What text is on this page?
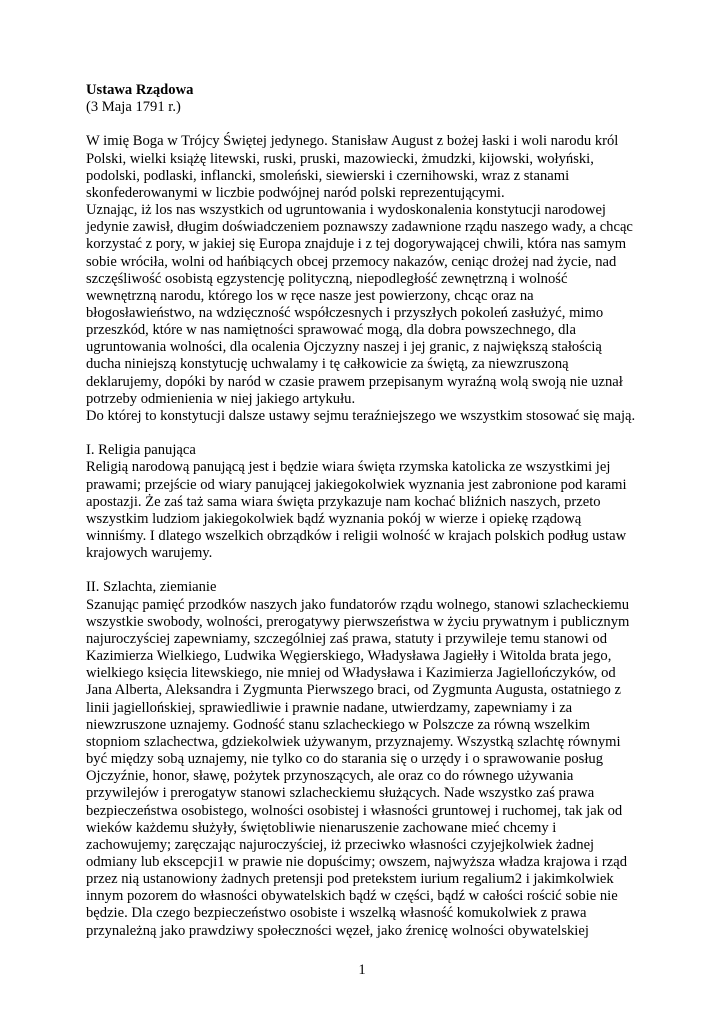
Ustawa Rządowa
(3 Maja 1791 r.)
W imię Boga w Trójcy Świętej jedynego. Stanisław August z bożej łaski i woli narodu król
Polski, wielki książę litewski, ruski, pruski, mazowiecki, żmudzki, kijowski, wołyński,
podolski, podlaski, inflancki, smoleński, siewierski i czernihowski, wraz z stanami
skonfederowanymi w liczbie podwójnej naród polski reprezentującymi.
Uznając, iż los nas wszystkich od ugruntowania i wydoskonalenia konstytucji narodowej
jedynie zawisł, długim doświadczeniem poznawszy zadawnione rządu naszego wady, a chcąc
korzystać z pory, w jakiej się Europa znajduje i z tej dogorywającej chwili, która nas samym
sobie wróciła, wolni od hańbiących obcej przemocy nakazów, ceniąc drożej nad życie, nad
szczęśliwość osobistą egzystencję polityczną, niepodległość zewnętrzną i wolność
wewnętrzną narodu, którego los w ręce nasze jest powierzony, chcąc oraz na
błogosławieństwo, na wdzięczność współczesnych i przyszłych pokoleń zasłużyć, mimo
przeszkód, które w nas namiętności sprawować mogą, dla dobra powszechnego, dla
ugruntowania wolności, dla ocalenia Ojczyzny naszej i jej granic, z największą stałością
ducha niniejszą konstytucję uchwalamy i tę całkowicie za świętą, za niewzruszoną
deklarujemy, dopóki by naród w czasie prawem przepisanym wyraźną wolą swoją nie uznał
potrzeby odmienienia w niej jakiego artykułu.
Do której to konstytucji dalsze ustawy sejmu teraźniejszego we wszystkim stosować się mają.
I. Religia panująca
Religią narodową panującą jest i będzie wiara święta rzymska katolicka ze wszystkimi jej
prawami; przejście od wiary panującej jakiegokolwiek wyznania jest zabronione pod karami
apostazji. Że zaś taż sama wiara święta przykazuje nam kochać bliźnich naszych, przeto
wszystkim ludziom jakiegokolwiek bądź wyznania pokój w wierze i opiekę rządową
winniśmy. I dlatego wszelkich obrządków i religii wolność w krajach polskich podług ustaw
krajowych warujemy.
II. Szlachta, ziemianie
Szanując pamięć przodków naszych jako fundatorów rządu wolnego, stanowi szlacheckiemu
wszystkie swobody, wolności, prerogatywy pierwszeństwa w życiu prywatnym i publicznym
najuroczyściej zapewniamy, szczególniej zaś prawa, statuty i przywileje temu stanowi od
Kazimierza Wielkiego, Ludwika Węgierskiego, Władysława Jagiełły i Witolda brata jego,
wielkiego księcia litewskiego, nie mniej od Władysława i Kazimierza Jagiellończyków, od
Jana Alberta, Aleksandra i Zygmunta Pierwszego braci, od Zygmunta Augusta, ostatniego z
linii jagiellońskiej, sprawiedliwie i prawnie nadane, utwierdzamy, zapewniamy i za
niewzruszone uznajemy. Godność stanu szlacheckiego w Polszcze za równą wszelkim
stopniom szlachectwa, gdziekolwiek używanym, przyznajemy. Wszystką szlachtę równymi
być między sobą uznajemy, nie tylko co do starania się o urzędy i o sprawowanie posług
Ojczyźnie, honor, sławę, pożytek przynoszących, ale oraz co do równego używania
przywilejów i prerogatyw stanowi szlacheckiemu służących. Nade wszystko zaś prawa
bezpieczeństwa osobistego, wolności osobistej i własności gruntowej i ruchomej, tak jak od
wieków każdemu służyły, świętobliwie nienaruszenie zachowane mieć chcemy i
zachowujemy; zaręczając najuroczyściej, iż przeciwko własności czyjejkolwiek żadnej
odmiany lub ekscepcji1 w prawie nie dopuścimy; owszem, najwyższa władza krajowa i rząd
przez nią ustanowiony żadnych pretensji pod pretekstem iurium regalium2 i jakimkolwiek
innym pozorem do własności obywatelskich bądź w części, bądź w całości rościć sobie nie
będzie. Dla czego bezpieczeństwo osobiste i wszelką własność komukolwiek z prawa
przynależną jako prawdziwy społeczności węzeł, jako źrenicę wolności obywatelskiej
1
